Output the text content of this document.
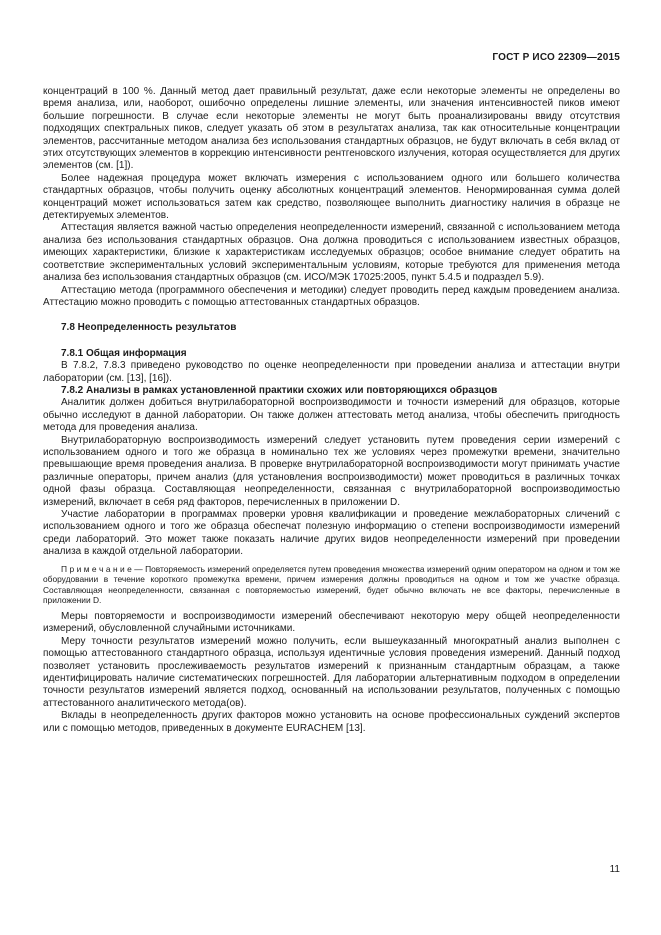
ГОСТ Р ИСО 22309—2015

концентраций в 100 %. Данный метод дает правильный результат, даже если некоторые элементы не определены во время анализа, или, наоборот, ошибочно определены лишние элементы, или значения интенсивностей пиков имеют большие погрешности. В случае если некоторые элементы не могут быть проанализированы ввиду отсутствия подходящих спектральных пиков, следует указать об этом в результатах анализа, так как относительные концентрации элементов, рассчитанные методом анализа без использования стандартных образцов, не будут включать в себя вклад от этих отсутствующих элементов в коррекцию интенсивности рентгеновского излучения, которая осуществляется для других элементов (см. [1]).

Более надежная процедура может включать измерения с использованием одного или большего количества стандартных образцов, чтобы получить оценку абсолютных концентраций элементов. Ненормированная сумма долей концентраций может использоваться затем как средство, позволяющее выполнить диагностику наличия в образце не детектируемых элементов.

Аттестация является важной частью определения неопределенности измерений, связанной с использованием метода анализа без использования стандартных образцов. Она должна проводиться с использованием известных образцов, имеющих характеристики, близкие к характеристикам исследуемых образцов; особое внимание следует обратить на соответствие экспериментальных условий экспериментальным условиям, которые требуются для применения метода анализа без использования стандартных образцов (см. ИСО/МЭК 17025:2005, пункт 5.4.5 и подраздел 5.9).

Аттестацию метода (программного обеспечения и методики) следует проводить перед каждым проведением анализа. Аттестацию можно проводить с помощью аттестованных стандартных образцов.

7.8 Неопределенность результатов

7.8.1 Общая информация

В 7.8.2, 7.8.3 приведено руководство по оценке неопределенности при проведении анализа и аттестации внутри лаборатории (см. [13], [16]).

7.8.2 Анализы в рамках установленной практики схожих или повторяющихся образцов

Аналитик должен добиться внутрилабораторной воспроизводимости и точности измерений для образцов, которые обычно исследуют в данной лаборатории. Он также должен аттестовать метод анализа, чтобы обеспечить пригодность метода для проведения анализа.

Внутрилабораторную воспроизводимость измерений следует установить путем проведения серии измерений с использованием одного и того же образца в номинально тех же условиях через промежутки времени, значительно превышающие время проведения анализа. В проверке внутрилабораторной воспроизводимости могут принимать участие различные операторы, причем анализ (для установления воспроизводимости) может проводиться в различных точках одной фазы образца. Составляющая неопределенности, связанная с внутрилабораторной воспроизводимостью измерений, включает в себя ряд факторов, перечисленных в приложении D.

Участие лаборатории в программах проверки уровня квалификации и проведение межлабораторных сличений с использованием одного и того же образца обеспечат полезную информацию о степени воспроизводимости измерений среди лабораторий. Это может также показать наличие других видов неопределенности измерений при проведении анализа в каждой отдельной лаборатории.

П р и м е ч а н и е — Повторяемость измерений определяется путем проведения множества измерений одним оператором на одном и том же оборудовании в течение короткого промежутка времени, причем измерения должны проводиться на одном и том же участке образца. Составляющая неопределенности, связанная с повторяемостью измерений, будет обычно включать не все факторы, перечисленные в приложении D.

Меры повторяемости и воспроизводимости измерений обеспечивают некоторую меру общей неопределенности измерений, обусловленной случайными источниками.

Меру точности результатов измерений можно получить, если вышеуказанный многократный анализ выполнен с помощью аттестованного стандартного образца, используя идентичные условия проведения измерений. Данный подход позволяет установить прослеживаемость результатов измерений к признанным стандартным образцам, а также идентифицировать наличие систематических погрешностей. Для лаборатории альтернативным подходом в определении точности результатов измерений является подход, основанный на использовании результатов, полученных с помощью аттестованного аналитического метода(ов).

Вклады в неопределенность других факторов можно установить на основе профессиональных суждений экспертов или с помощью методов, приведенных в документе EURACHEM [13].

11
